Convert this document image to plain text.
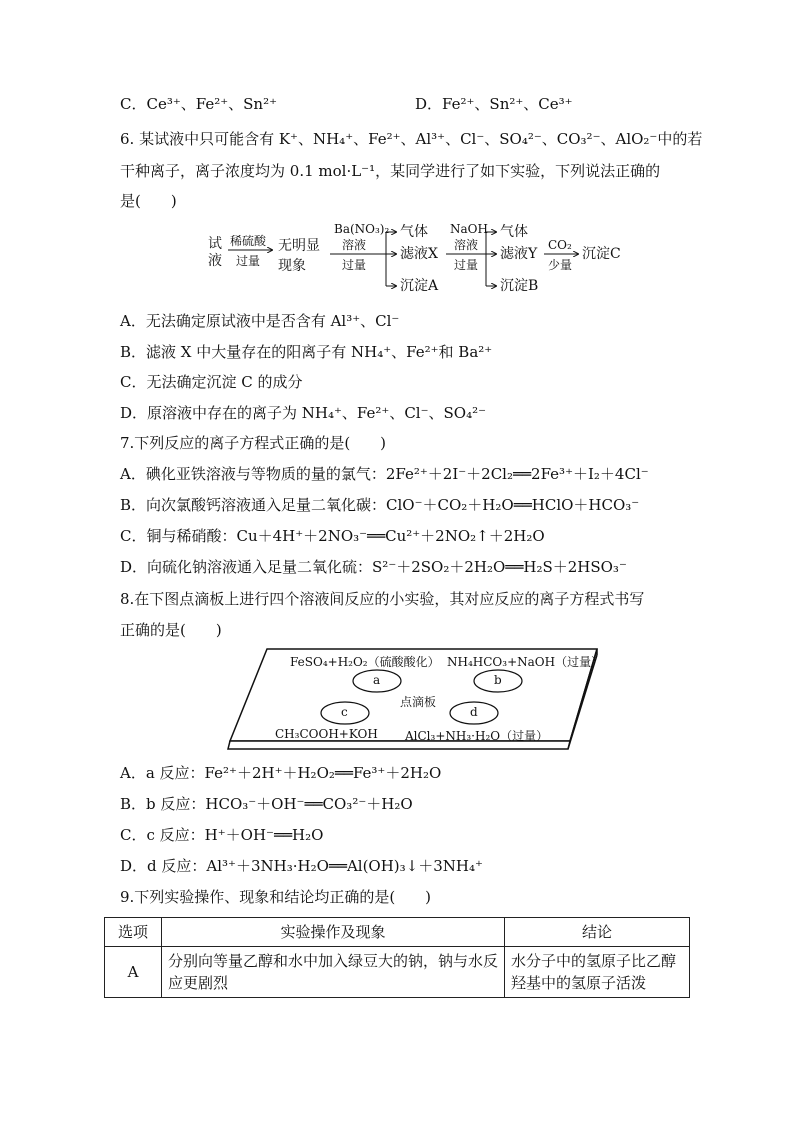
C．Ce³⁺、Fe²⁺、Sn²⁺	D．Fe²⁺、Sn²⁺、Ce³⁺
6. 某试液中只可能含有 K⁺、NH₄⁺、Fe²⁺、Al³⁺、Cl⁻、SO₄²⁻、CO₃²⁻、AlO₂⁻中的若
干种离子，离子浓度均为 0.1 mol·L⁻¹，某同学进行了如下实验，下列说法正确的
是(　　)
试液
稀硫酸
过量
无明显现象
Ba(NO₃)₂
溶液
过量
气体
滤液X
沉淀A
NaOH
溶液
过量
气体
滤液Y
沉淀B
CO₂
少量
沉淀C
A．无法确定原试液中是否含有 Al³⁺、Cl⁻
B．滤液 X 中大量存在的阳离子有 NH₄⁺、Fe²⁺和 Ba²⁺
C．无法确定沉淀 C 的成分
D．原溶液中存在的离子为 NH₄⁺、Fe²⁺、Cl⁻、SO₄²⁻
7.下列反应的离子方程式正确的是(　　)
A．碘化亚铁溶液与等物质的量的氯气：2Fe²⁺＋2I⁻＋2Cl₂══2Fe³⁺＋I₂＋4Cl⁻
B．向次氯酸钙溶液通入足量二氧化碳：ClO⁻＋CO₂＋H₂O══HClO＋HCO₃⁻
C．铜与稀硝酸：Cu＋4H⁺＋2NO₃⁻══Cu²⁺＋2NO₂↑＋2H₂O
D．向硫化钠溶液通入足量二氧化硫：S²⁻＋2SO₂＋2H₂O══H₂S＋2HSO₃⁻
8.在下图点滴板上进行四个溶液间反应的小实验，其对应反应的离子方程式书写
正确的是(　　)
FeSO₄+H₂O₂（硫酸酸化） NH₄HCO₃+NaOH（过量）
a	b
点滴板
c	d
CH₃COOH+KOH AlCl₃+NH₃·H₂O（过量）
A．a 反应：Fe²⁺＋2H⁺＋H₂O₂══Fe³⁺＋2H₂O
B．b 反应：HCO₃⁻＋OH⁻══CO₃²⁻＋H₂O
C．c 反应：H⁺＋OH⁻══H₂O
D．d 反应：Al³⁺＋3NH₃·H₂O══Al(OH)₃↓＋3NH₄⁺
9.下列实验操作、现象和结论均正确的是(　　)
选项	实验操作及现象	结论
A	分别向等量乙醇和水中加入绿豆大的钠，钠与水反应更剧烈	水分子中的氢原子比乙醇羟基中的氢原子活泼
